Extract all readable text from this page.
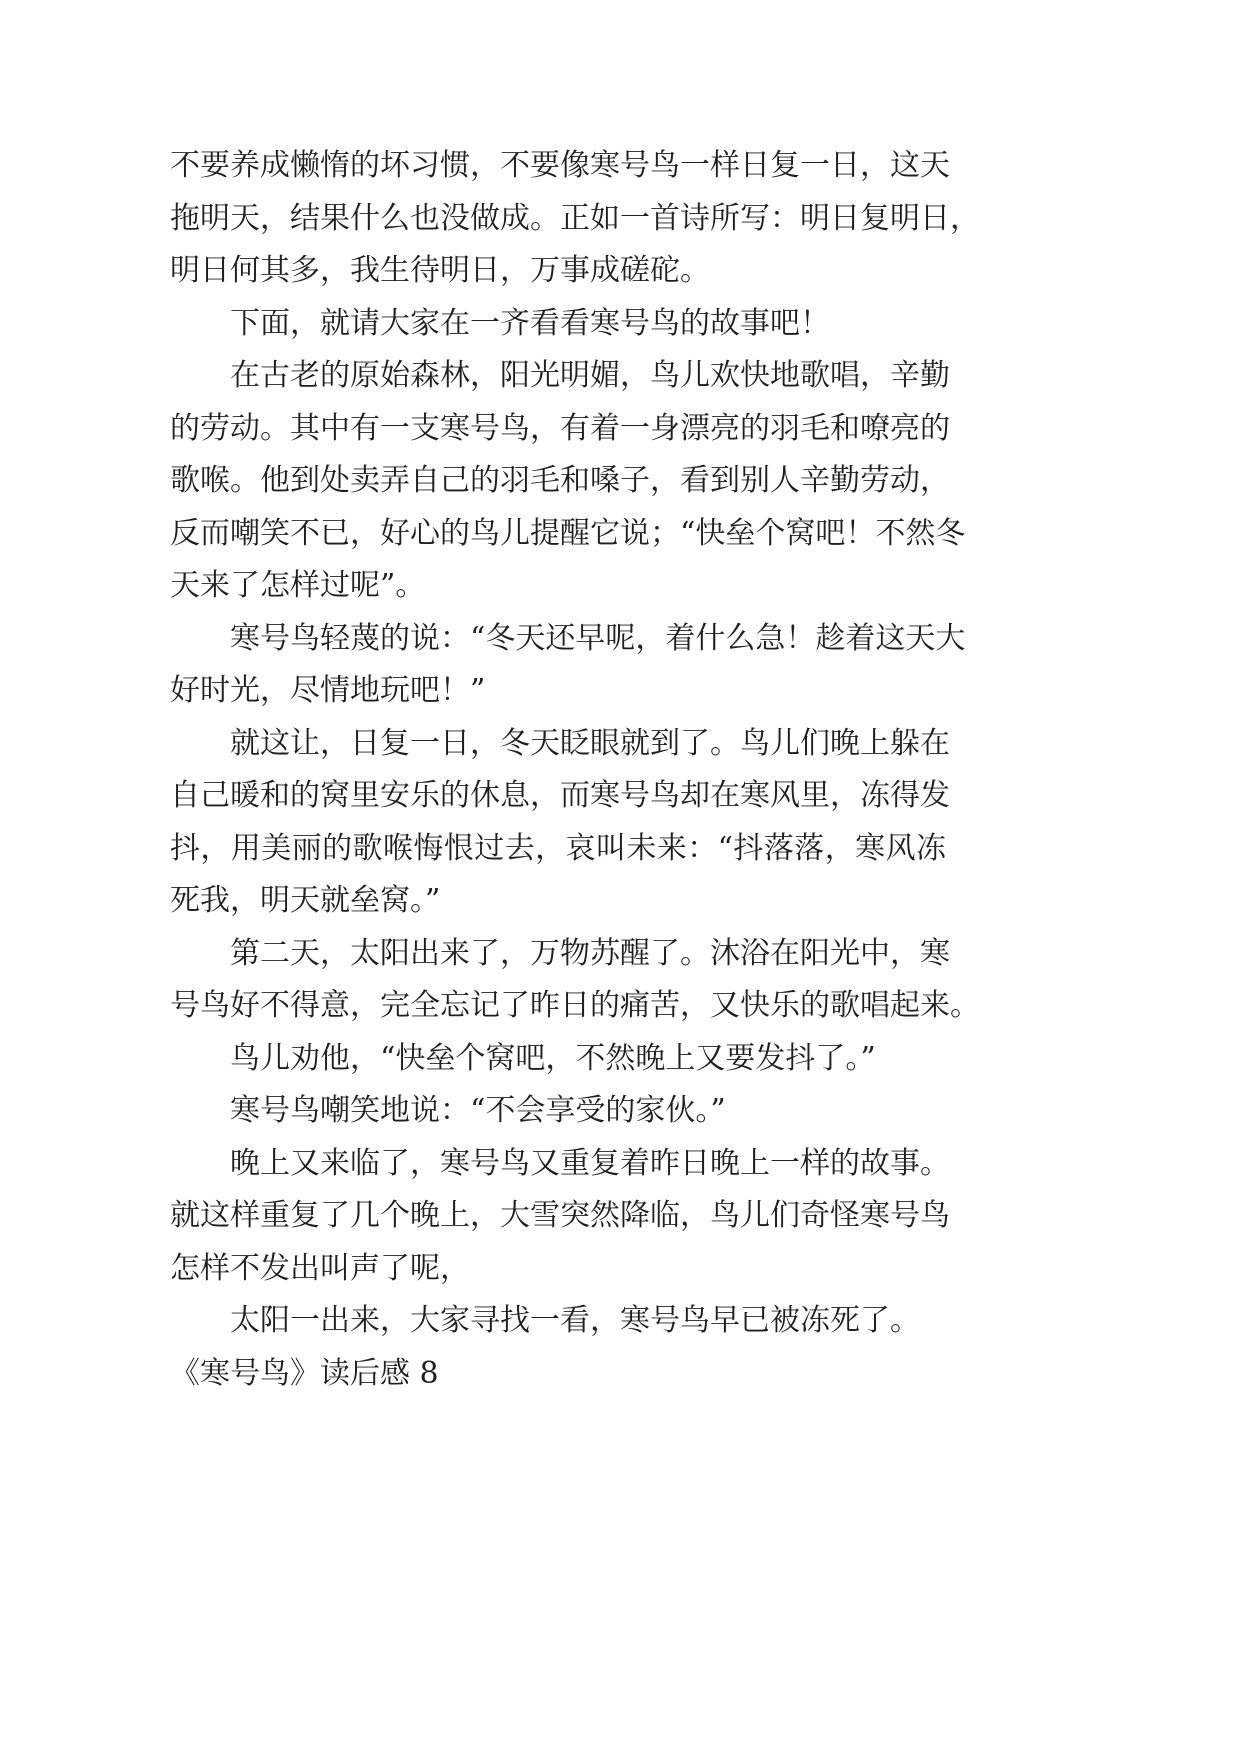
不要养成懒惰的坏习惯，不要像寒号鸟一样日复一日，这天
拖明天，结果什么也没做成。正如一首诗所写：明日复明日，
明日何其多，我生待明日，万事成磋砣。
下面，就请大家在一齐看看寒号鸟的故事吧！
在古老的原始森林，阳光明媚，鸟儿欢快地歌唱，辛勤
的劳动。其中有一支寒号鸟，有着一身漂亮的羽毛和嘹亮的
歌喉。他到处卖弄自己的羽毛和嗓子，看到别人辛勤劳动，
反而嘲笑不已，好心的鸟儿提醒它说；“快垒个窝吧！不然冬
天来了怎样过呢”。
寒号鸟轻蔑的说：“冬天还早呢，着什么急！趁着这天大
好时光，尽情地玩吧！”
就这让，日复一日，冬天眨眼就到了。鸟儿们晚上躲在
自己暖和的窝里安乐的休息，而寒号鸟却在寒风里，冻得发
抖，用美丽的歌喉悔恨过去，哀叫未来：“抖落落，寒风冻
死我，明天就垒窝。”
第二天，太阳出来了，万物苏醒了。沐浴在阳光中，寒
号鸟好不得意，完全忘记了昨日的痛苦，又快乐的歌唱起来。
鸟儿劝他，“快垒个窝吧，不然晚上又要发抖了。”
寒号鸟嘲笑地说：“不会享受的家伙。”
晚上又来临了，寒号鸟又重复着昨日晚上一样的故事。
就这样重复了几个晚上，大雪突然降临，鸟儿们奇怪寒号鸟
怎样不发出叫声了呢，
太阳一出来，大家寻找一看，寒号鸟早已被冻死了。
《寒号鸟》读后感 8
